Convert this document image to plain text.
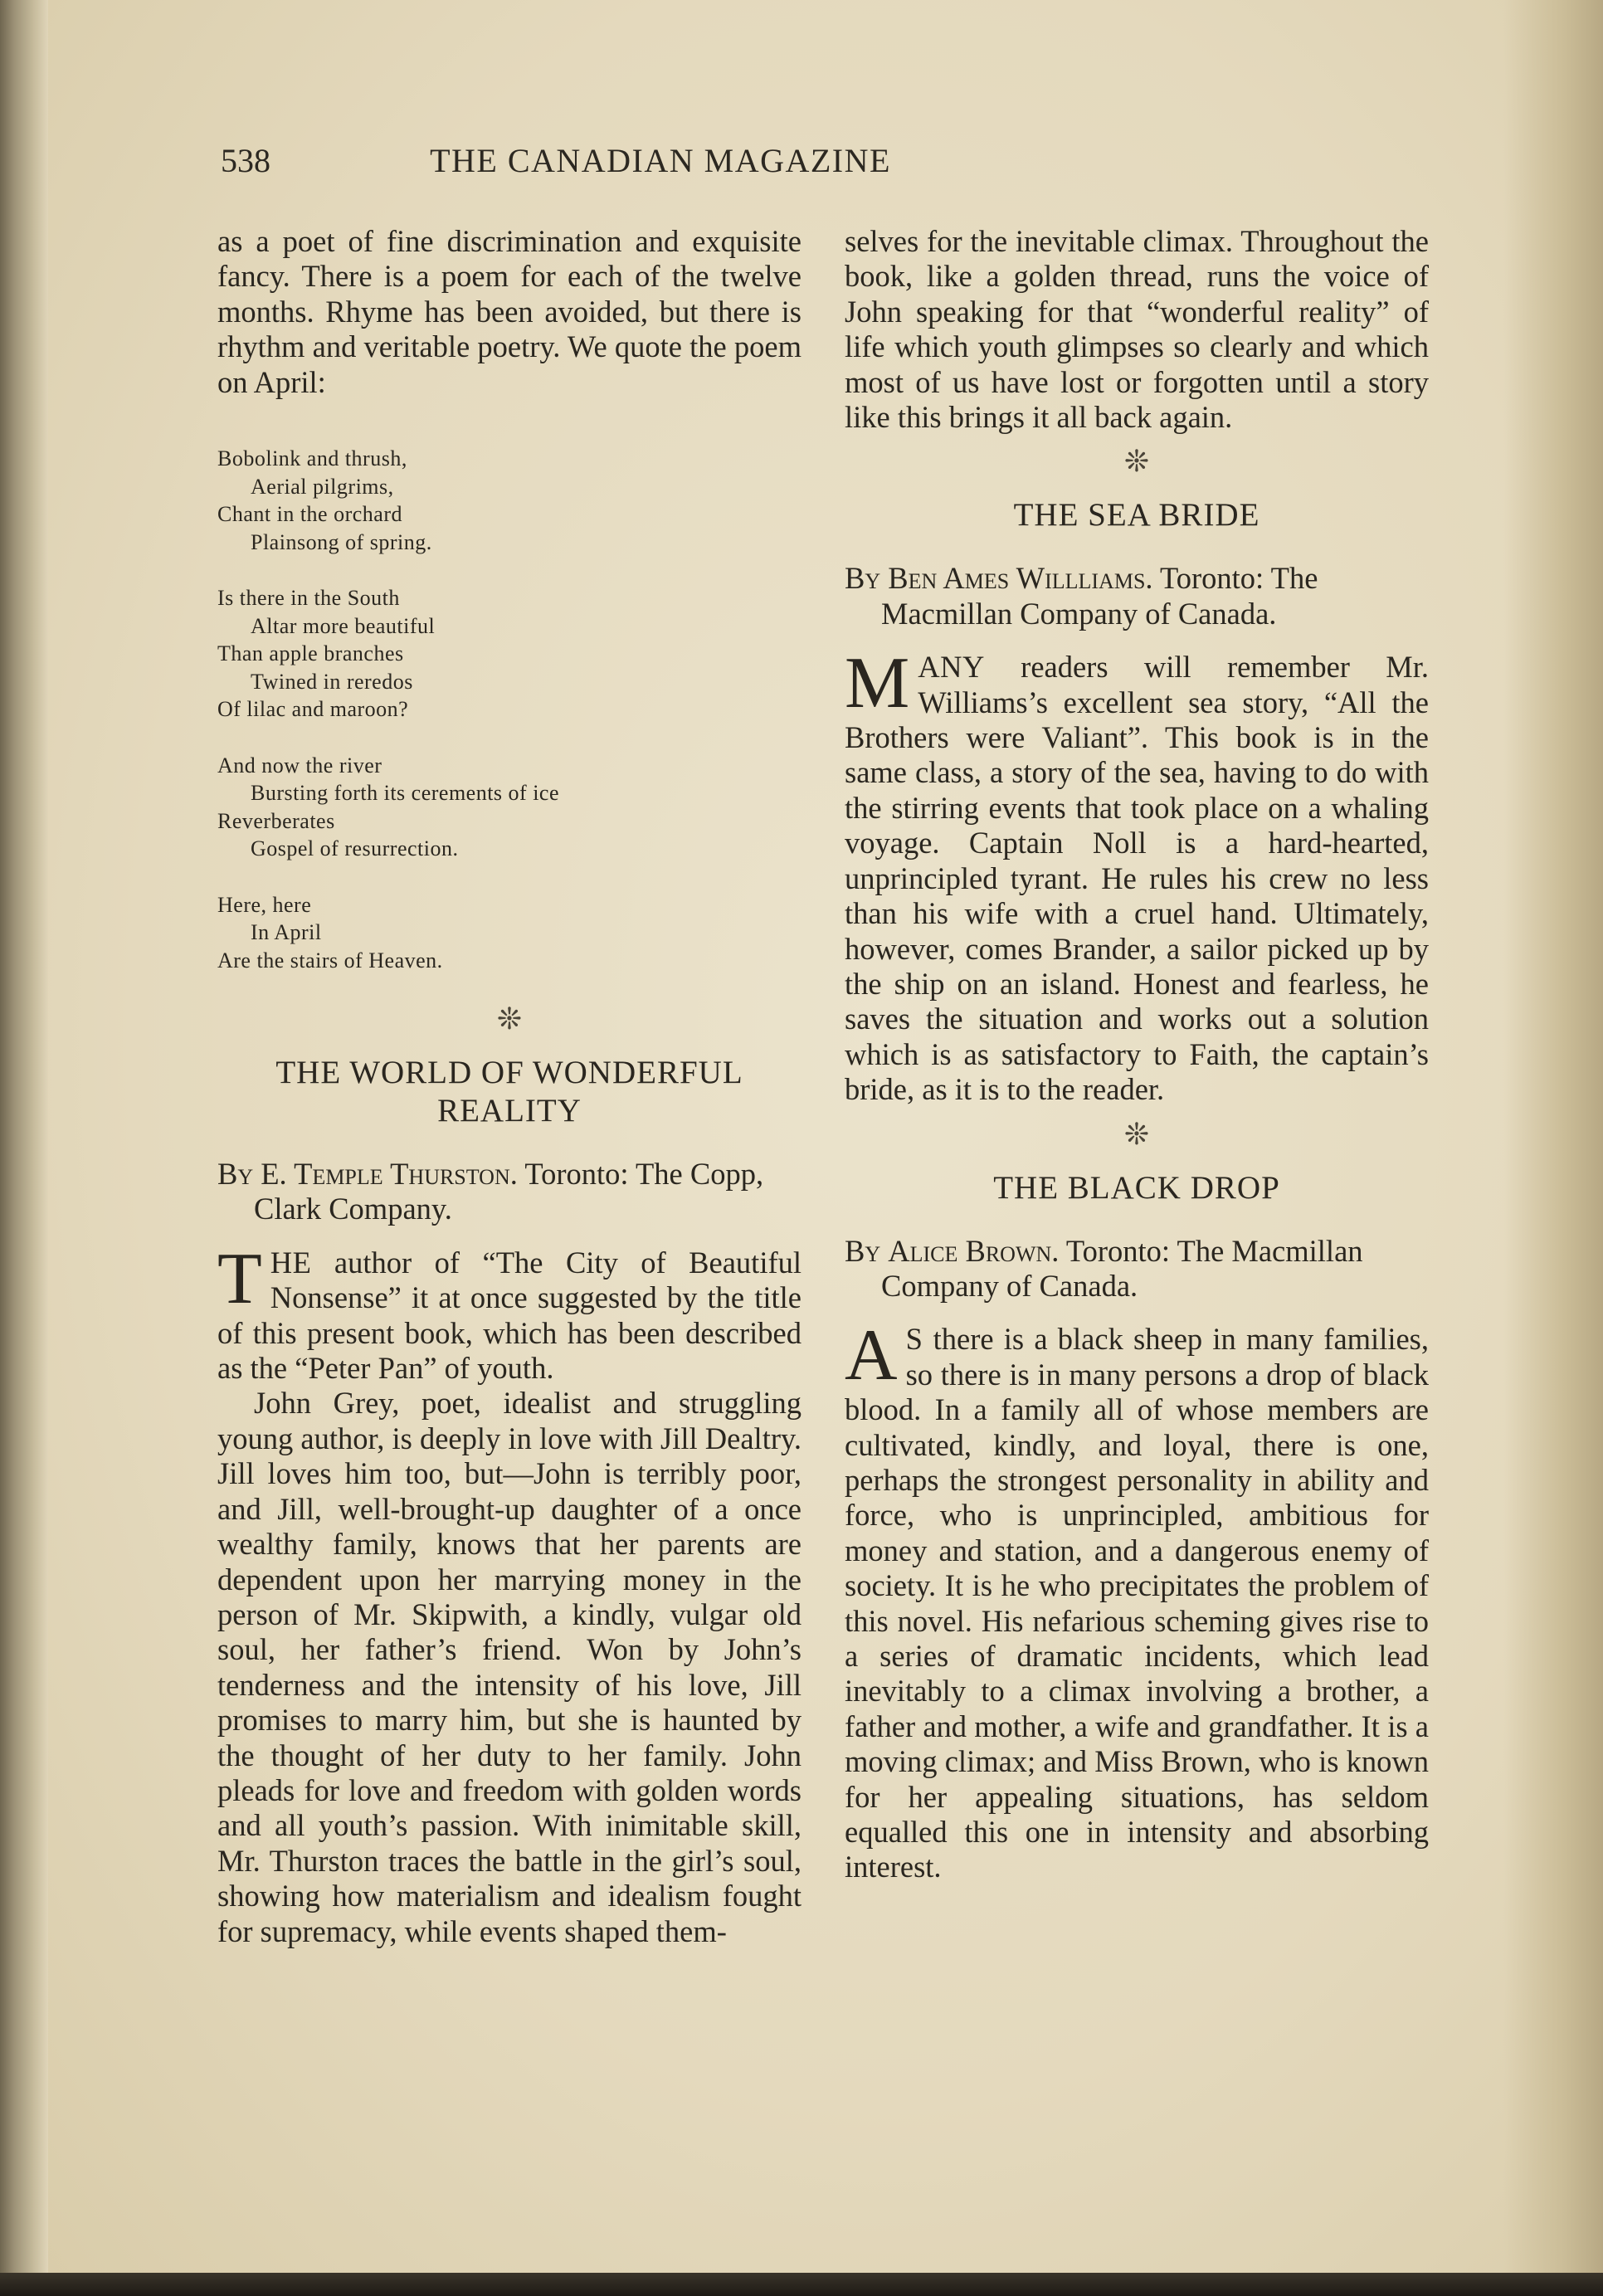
538	THE CANADIAN MAGAZINE

as a poet of fine discrimination and exquisite fancy. There is a poem for each of the twelve months. Rhyme has been avoided, but there is rhythm and veritable poetry. We quote the poem on April:

Bobolink and thrush,
Aerial pilgrims,
Chant in the orchard
Plainsong of spring.
Is there in the South
Altar more beautiful
Than apple branches
Twined in reredos
Of lilac and maroon?
And now the river
Bursting forth its cerements of ice
Reverberates
Gospel of resurrection.
Here, here
In April
Are the stairs of Heaven.
❊
THE WORLD OF WONDERFUL REALITY

By E. Temple Thurston. Toronto: The Copp, Clark Company.

THE author of “The City of Beautiful Nonsense” it at once suggested by the title of this present book, which has been described as the “Peter Pan” of youth.

John Grey, poet, idealist and struggling young author, is deeply in love with Jill Dealtry. Jill loves him too, but—John is terribly poor, and Jill, well-brought-up daughter of a once wealthy family, knows that her parents are dependent upon her marrying money in the person of Mr. Skipwith, a kindly, vulgar old soul, her father’s friend. Won by John’s tenderness and the intensity of his love, Jill promises to marry him, but she is haunted by the thought of her duty to her family. John pleads for love and freedom with golden words and all youth’s passion. With inimitable skill, Mr. Thurston traces the battle in the girl’s soul, showing how materialism and idealism fought for supremacy, while events shaped them-

selves for the inevitable climax. Throughout the book, like a golden thread, runs the voice of John speaking for that “wonderful reality” of life which youth glimpses so clearly and which most of us have lost or forgotten until a story like this brings it all back again.

❊
THE SEA BRIDE

By Ben Ames Willliams. Toronto: The Macmillan Company of Canada.

MANY readers will remember Mr. Williams’s excellent sea story, “All the Brothers were Valiant”. This book is in the same class, a story of the sea, having to do with the stirring events that took place on a whaling voyage. Captain Noll is a hard-hearted, unprincipled tyrant. He rules his crew no less than his wife with a cruel hand. Ultimately, however, comes Brander, a sailor picked up by the ship on an island. Honest and fearless, he saves the situation and works out a solution which is as satisfactory to Faith, the captain’s bride, as it is to the reader.

❊
THE BLACK DROP

By Alice Brown. Toronto: The Macmillan Company of Canada.

A S there is a black sheep in many families, so there is in many persons a drop of black blood. In a family all of whose members are cultivated, kindly, and loyal, there is one, perhaps the strongest personality in ability and force, who is unprincipled, ambitious for money and station, and a dangerous enemy of society. It is he who precipitates the problem of this novel. His nefarious scheming gives rise to a series of dramatic incidents, which lead inevitably to a climax involving a brother, a father and mother, a wife and grandfather. It is a moving climax; and Miss Brown, who is known for her appealing situations, has seldom equalled this one in intensity and absorbing interest.
